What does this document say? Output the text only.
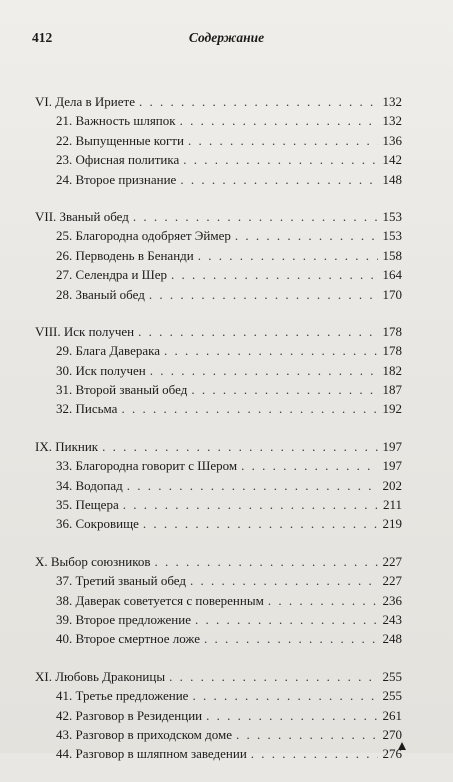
412	Содержание
VI. Дела в Ириете . . .	132
21. Важность шляпок . . .	132
22. Выпущенные когти . . .	136
23. Офисная политика . . .	142
24. Второе признание . . .	148
VII. Званый обед . . .	153
25. Благородна одобряет Эймер . . .	153
26. Перводень в Бенанди . . .	158
27. Селендра и Шер . . .	164
28. Званый обед . . .	170
VIII. Иск получен . . .	178
29. Блага Даверака . . .	178
30. Иск получен . . .	182
31. Второй званый обед . . .	187
32. Письма . . .	192
IX. Пикник . . .	197
33. Благородна говорит с Шером . . .	197
34. Водопад . . .	202
35. Пещера . . .	211
36. Сокровище . . .	219
X. Выбор союзников . . .	227
37. Третий званый обед . . .	227
38. Даверак советуется с поверенным . . .	236
39. Второе предложение . . .	243
40. Второе смертное ложе . . .	248
XI. Любовь Драконицы . . .	255
41. Третье предложение . . .	255
42. Разговор в Резиденции . . .	261
43. Разговор в приходском доме . . .	270
44. Разговор в шляпном заведении . . .	276
